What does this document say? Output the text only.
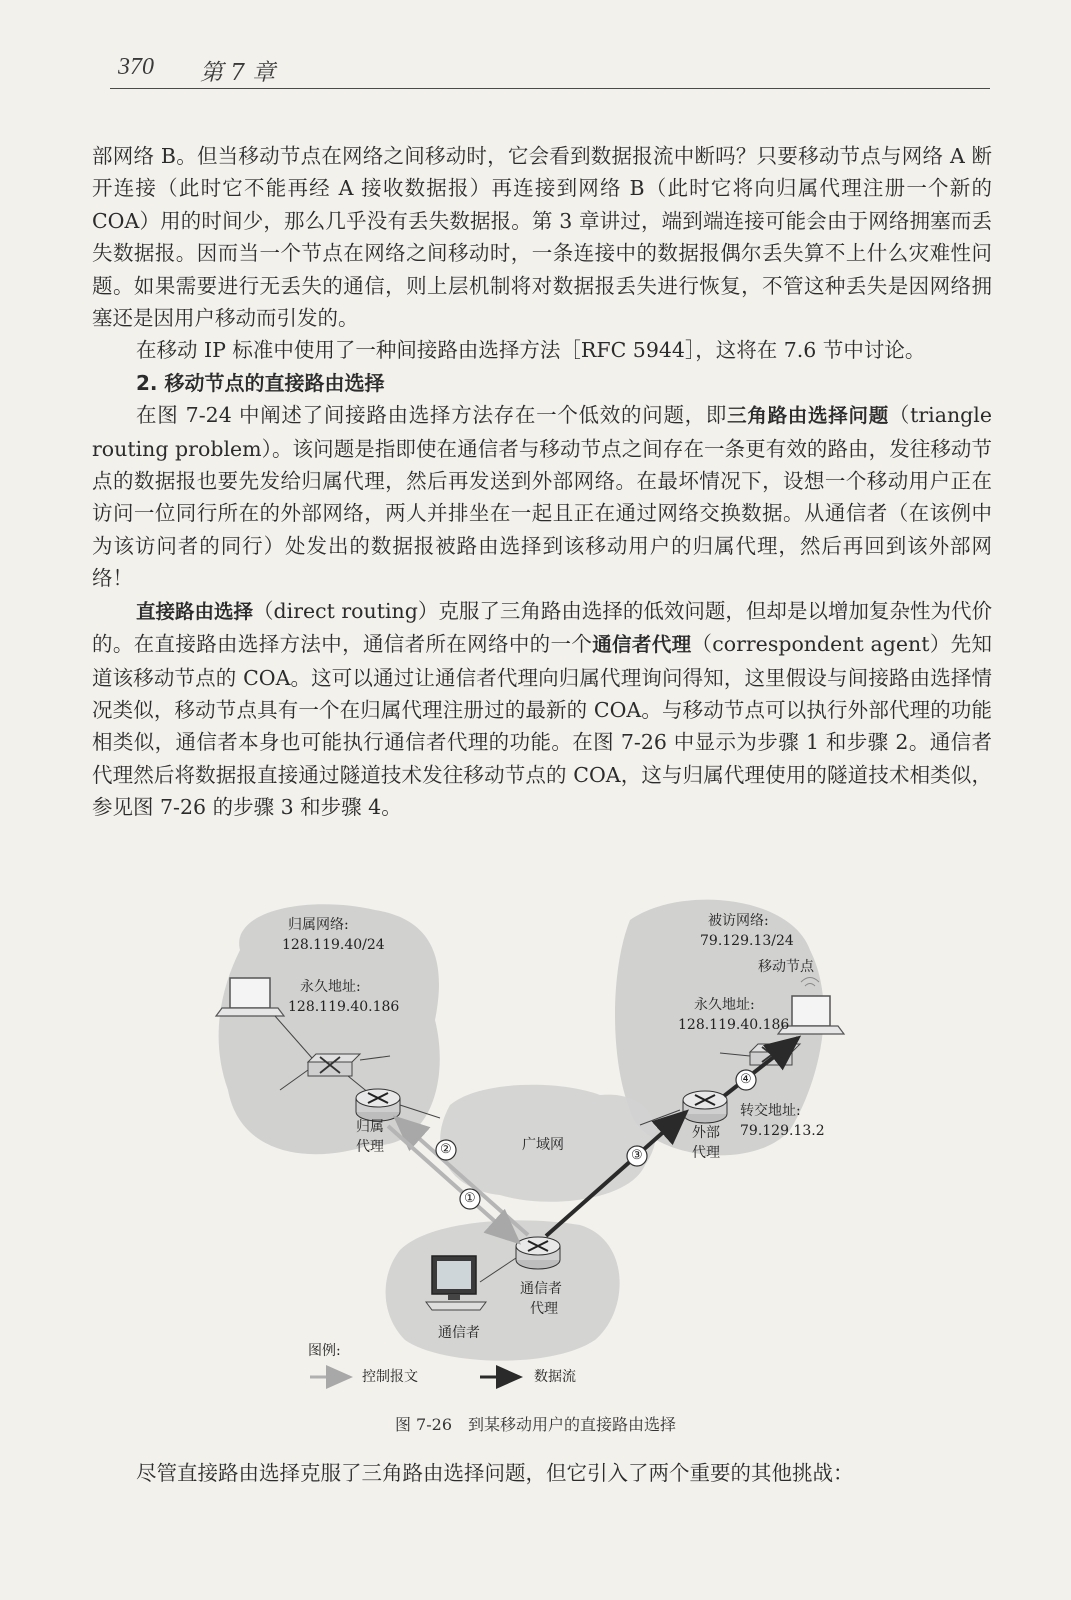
370 第 7 章

部网络 B。但当移动节点在网络之间移动时，它会看到数据报流中断吗？只要移动节点与网络 A 断开连接（此时它不能再经 A 接收数据报）再连接到网络 B（此时它将向归属代理注册一个新的 COA）用的时间少，那么几乎没有丢失数据报。第 3 章讲过，端到端连接可能会由于网络拥塞而丢失数据报。因而当一个节点在网络之间移动时，一条连接中的数据报偶尔丢失算不上什么灾难性问题。如果需要进行无丢失的通信，则上层机制将对数据报丢失进行恢复，不管这种丢失是因网络拥塞还是因用户移动而引发的。

在移动 IP 标准中使用了一种间接路由选择方法［RFC 5944］，这将在 7.6 节中讨论。

2. 移动节点的直接路由选择

在图 7-24 中阐述了间接路由选择方法存在一个低效的问题，即三角路由选择问题（triangle routing problem）。该问题是指即使在通信者与移动节点之间存在一条更有效的路由，发往移动节点的数据报也要先发给归属代理，然后再发送到外部网络。在最坏情况下，设想一个移动用户正在访问一位同行所在的外部网络，两人并排坐在一起且正在通过网络交换数据。从通信者（在该例中为该访问者的同行）处发出的数据报被路由选择到该移动用户的归属代理，然后再回到该外部网络！

直接路由选择（direct routing）克服了三角路由选择的低效问题，但却是以增加复杂性为代价的。在直接路由选择方法中，通信者所在网络中的一个通信者代理（correspondent agent）先知道该移动节点的 COA。这可以通过让通信者代理向归属代理询问得知，这里假设与间接路由选择情况类似，移动节点具有一个在归属代理注册过的最新的 COA。与移动节点可以执行外部代理的功能相类似，通信者本身也可能执行通信者代理的功能。在图 7-26 中显示为步骤 1 和步骤 2。通信者代理然后将数据报直接通过隧道技术发往移动节点的 COA，这与归属代理使用的隧道技术相类似，参见图 7-26 的步骤 3 和步骤 4。

归属网络:
128.119.40/24
永久地址:
128.119.40.186
归属
代理	广域网
被访网络:
79.129.13/24
移动节点
永久地址:
128.119.40.186
转交地址:
79.129.13.2
外部
代理
通信者
代理
通信者
①
②	③
④
图例:
控制报文	数据流
图 7-26　到某移动用户的直接路由选择
尽管直接路由选择克服了三角路由选择问题，但它引入了两个重要的其他挑战：
